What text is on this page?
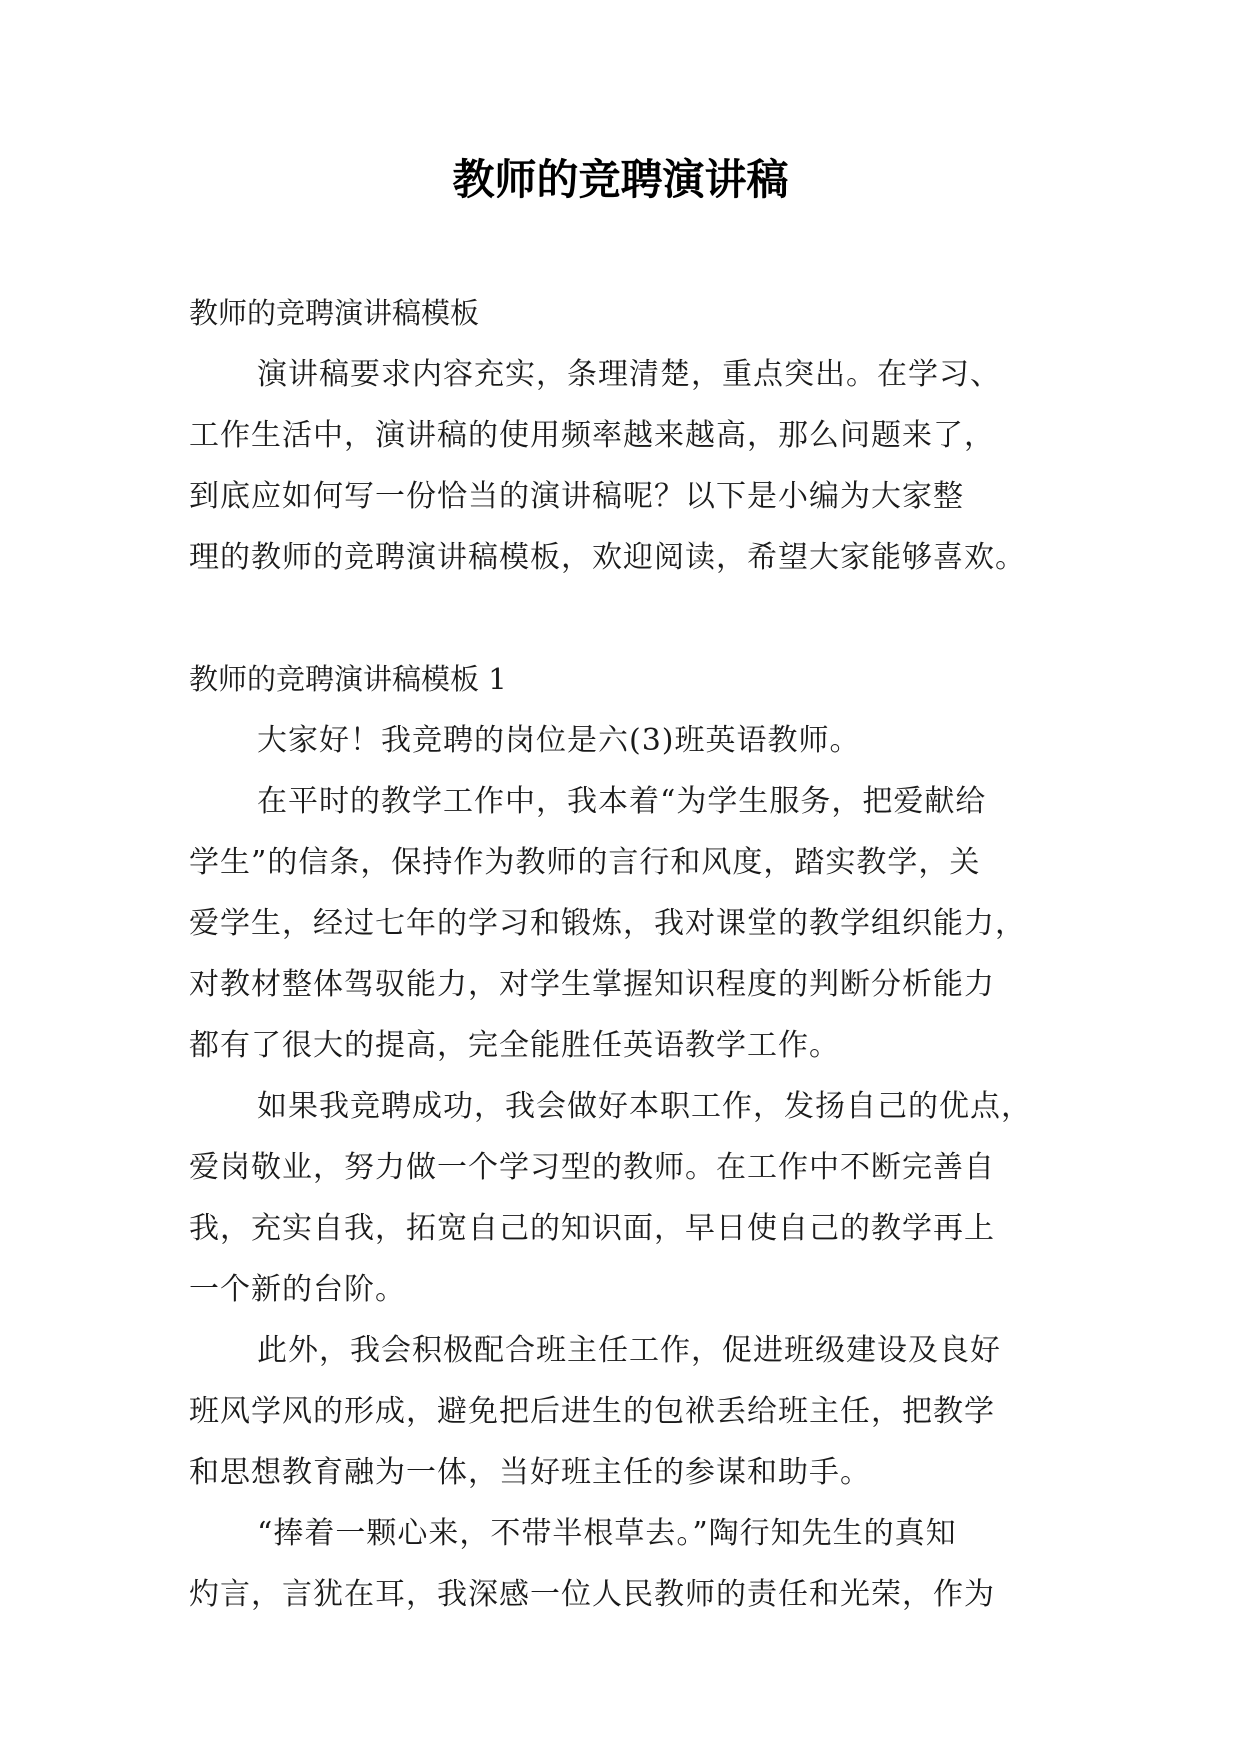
教师的竞聘演讲稿
教师的竞聘演讲稿模板
演讲稿要求内容充实，条理清楚，重点突出。在学习、
工作生活中，演讲稿的使用频率越来越高，那么问题来了，
到底应如何写一份恰当的演讲稿呢？以下是小编为大家整
理的教师的竞聘演讲稿模板，欢迎阅读，希望大家能够喜欢。
教师的竞聘演讲稿模板 1
大家好！我竞聘的岗位是六(3)班英语教师。
在平时的教学工作中，我本着“为学生服务，把爱献给
学生”的信条，保持作为教师的言行和风度，踏实教学，关
爱学生，经过七年的学习和锻炼，我对课堂的教学组织能力，
对教材整体驾驭能力，对学生掌握知识程度的判断分析能力
都有了很大的提高，完全能胜任英语教学工作。
如果我竞聘成功，我会做好本职工作，发扬自己的优点，
爱岗敬业，努力做一个学习型的教师。在工作中不断完善自
我，充实自我，拓宽自己的知识面，早日使自己的教学再上
一个新的台阶。
此外，我会积极配合班主任工作，促进班级建设及良好
班风学风的形成，避免把后进生的包袱丢给班主任，把教学
和思想教育融为一体，当好班主任的参谋和助手。
“捧着一颗心来，不带半根草去。”陶行知先生的真知
灼言，言犹在耳，我深感一位人民教师的责任和光荣，作为
